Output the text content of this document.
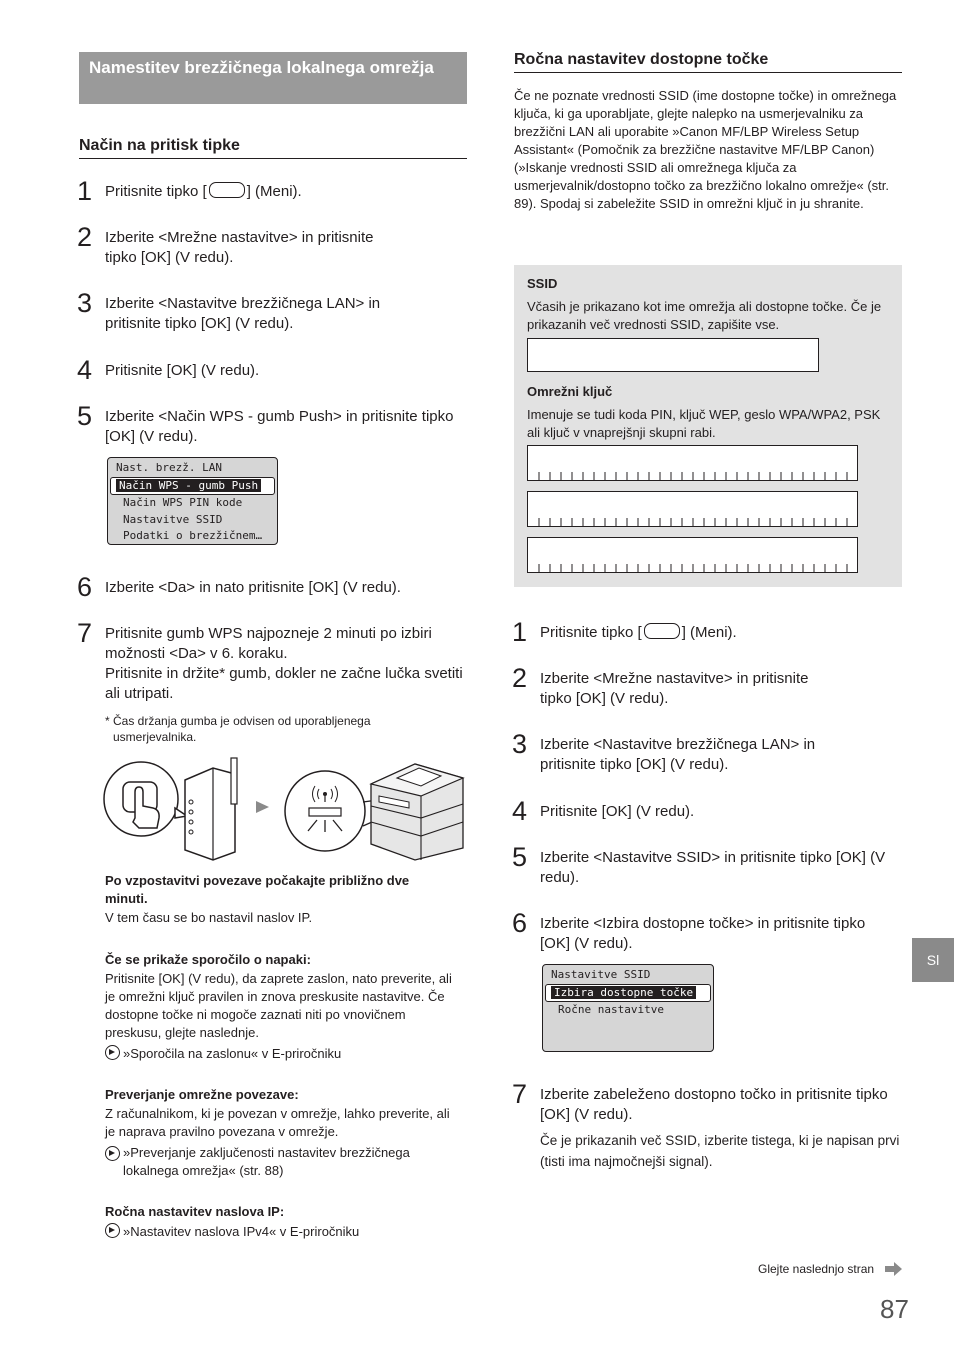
Namestitev brezžičnega lokalnega omrežja
Način na pritisk tipke
1 Pritisnite tipko [	] (Meni).
2 Izberite <Mrežne nastavitve> in pritisnite tipko [OK] (V redu).
3 Izberite <Nastavitve brezžičnega LAN> in pritisnite tipko [OK] (V redu).
4 Pritisnite [OK] (V redu).
5 Izberite <Način WPS - gumb Push> in pritisnite tipko [OK] (V redu).
Nast. brezž. LAN
Način WPS - gumb Push
Način WPS PIN kode
Nastavitve SSID
Podatki o brezžičnem…
6 Izberite <Da> in nato pritisnite [OK] (V redu).
7 Pritisnite gumb WPS najpozneje 2 minuti po izbiri možnosti <Da> v 6. koraku.
Pritisnite in držite* gumb, dokler ne začne lučka svetiti ali utripati.
* Čas držanja gumba je odvisen od uporabljenega usmerjevalnika.
Po vzpostavitvi povezave počakajte približno dve minuti.
V tem času se bo nastavil naslov IP.
Če se prikaže sporočilo o napaki:
Pritisnite [OK] (V redu), da zaprete zaslon, nato preverite, ali je omrežni ključ pravilen in znova preskusite nastavitve. Če dostopne točke ni mogoče zaznati niti po vnovičnem preskusu, glejte naslednje.
»Sporočila na zaslonu« v E-priročniku
Preverjanje omrežne povezave:
Z računalnikom, ki je povezan v omrežje, lahko preverite, ali je naprava pravilno povezana v omrežje.
»Preverjanje zaključenosti nastavitev brezžičnega lokalnega omrežja« (str. 88)
Ročna nastavitev naslova IP:
»Nastavitev naslova IPv4« v E-priročniku
Ročna nastavitev dostopne točke
Če ne poznate vrednosti SSID (ime dostopne točke) in omrežnega ključa, ki ga uporabljate, glejte nalepko na usmerjevalniku za brezžični LAN ali uporabite »Canon MF/LBP Wireless Setup Assistant« (Pomočnik za brezžične nastavitve MF/LBP Canon) (»Iskanje vrednosti SSID ali omrežnega ključa za usmerjevalnik/dostopno točko za brezžično lokalno omrežje« (str. 89). Spodaj si zabeležite SSID in omrežni ključ in ju shranite.
SSID
Včasih je prikazano kot ime omrežja ali dostopne točke. Če je prikazanih več vrednosti SSID, zapišite vse.
Omrežni ključ
Imenuje se tudi koda PIN, ključ WEP, geslo WPA/WPA2, PSK ali ključ v vnaprejšnji skupni rabi.
1 Pritisnite tipko [	] (Meni).
2 Izberite <Mrežne nastavitve> in pritisnite tipko [OK] (V redu).
3 Izberite <Nastavitve brezžičnega LAN> in pritisnite tipko [OK] (V redu).
4 Pritisnite [OK] (V redu).
5 Izberite <Nastavitve SSID> in pritisnite tipko [OK] (V redu).
6 Izberite <Izbira dostopne točke> in pritisnite tipko [OK] (V redu).
Nastavitve SSID
Izbira dostopne točke
Ročne nastavitve
7 Izberite zabeleženo dostopno točko in pritisnite tipko [OK] (V redu).
Če je prikazanih več SSID, izberite tistega, ki je napisan prvi (tisti ima najmočnejši signal).
Sl
Glejte naslednjo stran
87
